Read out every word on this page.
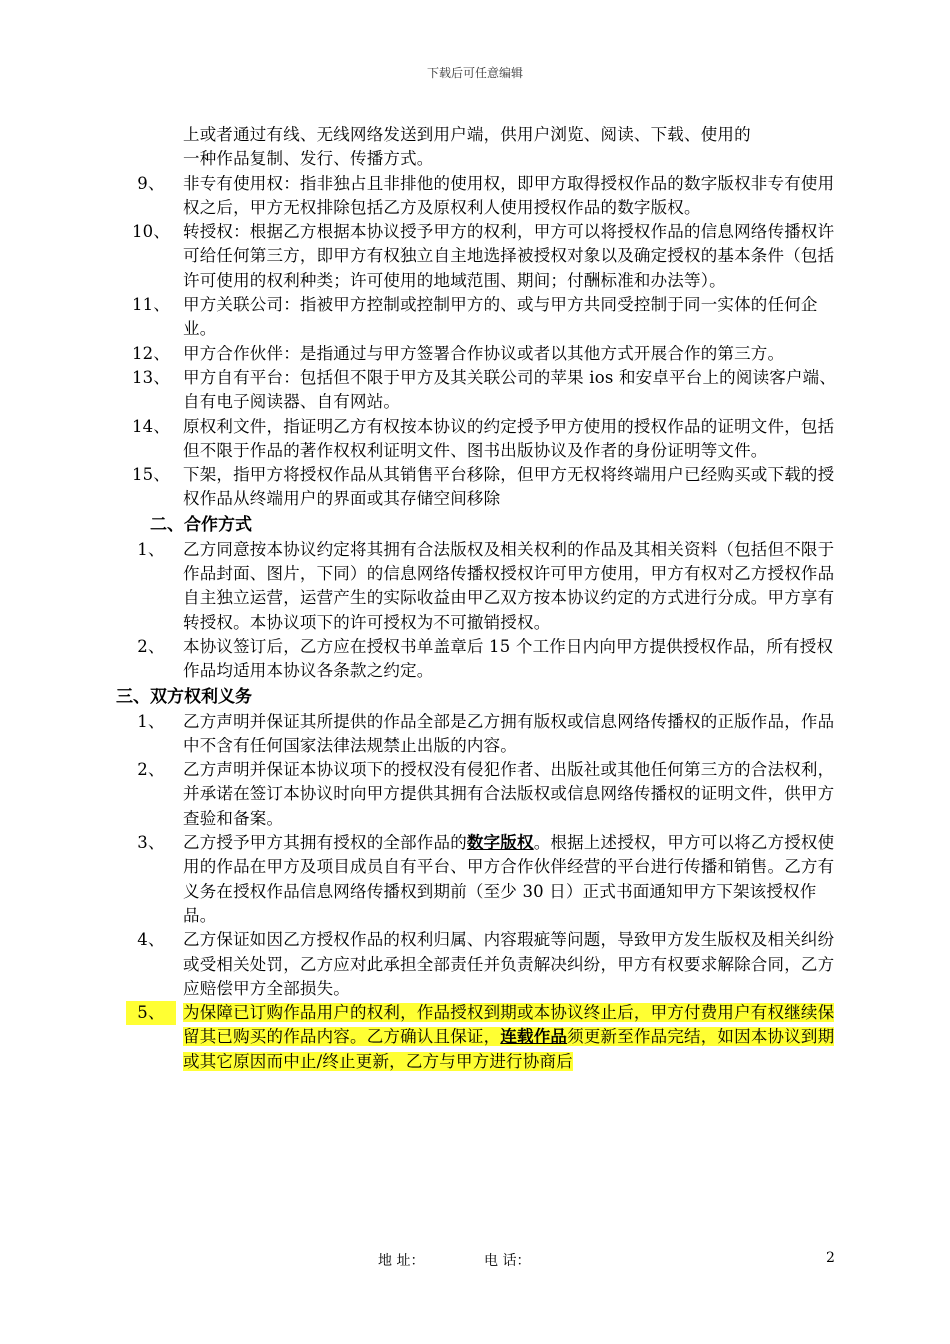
下载后可任意编辑
上或者通过有线、无线网络发送到用户端，供用户浏览、阅读、下载、使用的
一种作品复制、发行、传播方式。
9、	非专有使用权：指非独占且非排他的使用权，即甲方取得授权作品的数字版权非专有使用权之后，甲方无权排除包括乙方及原权利人使用授权作品的数字版权。
10、 转授权：根据乙方根据本协议授予甲方的权利，甲方可以将授权作品的信息网络传播权许可给任何第三方，即甲方有权独立自主地选择被授权对象以及确定授权的基本条件（包括许可使用的权利种类；许可使用的地域范围、期间；付酬标准和办法等）。
11、 甲方关联公司：指被甲方控制或控制甲方的、或与甲方共同受控制于同一实体的任何企业。
12、 甲方合作伙伴：是指通过与甲方签署合作协议或者以其他方式开展合作的第三方。
13、 甲方自有平台：包括但不限于甲方及其关联公司的苹果 ios 和安卓平台上的阅读客户端、自有电子阅读器、自有网站。
14、 原权利文件，指证明乙方有权按本协议的约定授予甲方使用的授权作品的证明文件，包括但不限于作品的著作权权利证明文件、图书出版协议及作者的身份证明等文件。
15、 下架，指甲方将授权作品从其销售平台移除，但甲方无权将终端用户已经购买或下载的授权作品从终端用户的界面或其存储空间移除
二、合作方式
1、	乙方同意按本协议约定将其拥有合法版权及相关权利的作品及其相关资料（包括但不限于作品封面、图片，下同）的信息网络传播权授权许可甲方使用，甲方有权对乙方授权作品自主独立运营，运营产生的实际收益由甲乙双方按本协议约定的方式进行分成。甲方享有转授权。本协议项下的许可授权为不可撤销授权。
2、	本协议签订后，乙方应在授权书单盖章后 15 个工作日内向甲方提供授权作品，所有授权作品均适用本协议各条款之约定。
三、双方权利义务
1、	乙方声明并保证其所提供的作品全部是乙方拥有版权或信息网络传播权的正版作品，作品中不含有任何国家法律法规禁止出版的内容。
2、	乙方声明并保证本协议项下的授权没有侵犯作者、出版社或其他任何第三方的合法权利，并承诺在签订本协议时向甲方提供其拥有合法版权或信息网络传播权的证明文件，供甲方查验和备案。
3、	乙方授予甲方其拥有授权的全部作品的数字版权。根据上述授权，甲方可以将乙方授权使用的作品在甲方及项目成员自有平台、甲方合作伙伴经营的平台进行传播和销售。乙方有义务在授权作品信息网络传播权到期前（至少 30 日）正式书面通知甲方下架该授权作品。
4、	乙方保证如因乙方授权作品的权利归属、内容瑕疵等问题，导致甲方发生版权及相关纠纷或受相关处罚，乙方应对此承担全部责任并负责解决纠纷，甲方有权要求解除合同，乙方应赔偿甲方全部损失。
5、	为保障已订购作品用户的权利，作品授权到期或本协议终止后，甲方付费用户有权继续保留其已购买的作品内容。乙方确认且保证，连载作品须更新至作品完结，如因本协议到期或其它原因而中止/终止更新，乙方与甲方进行协商后
地 址：	电 话：	2
